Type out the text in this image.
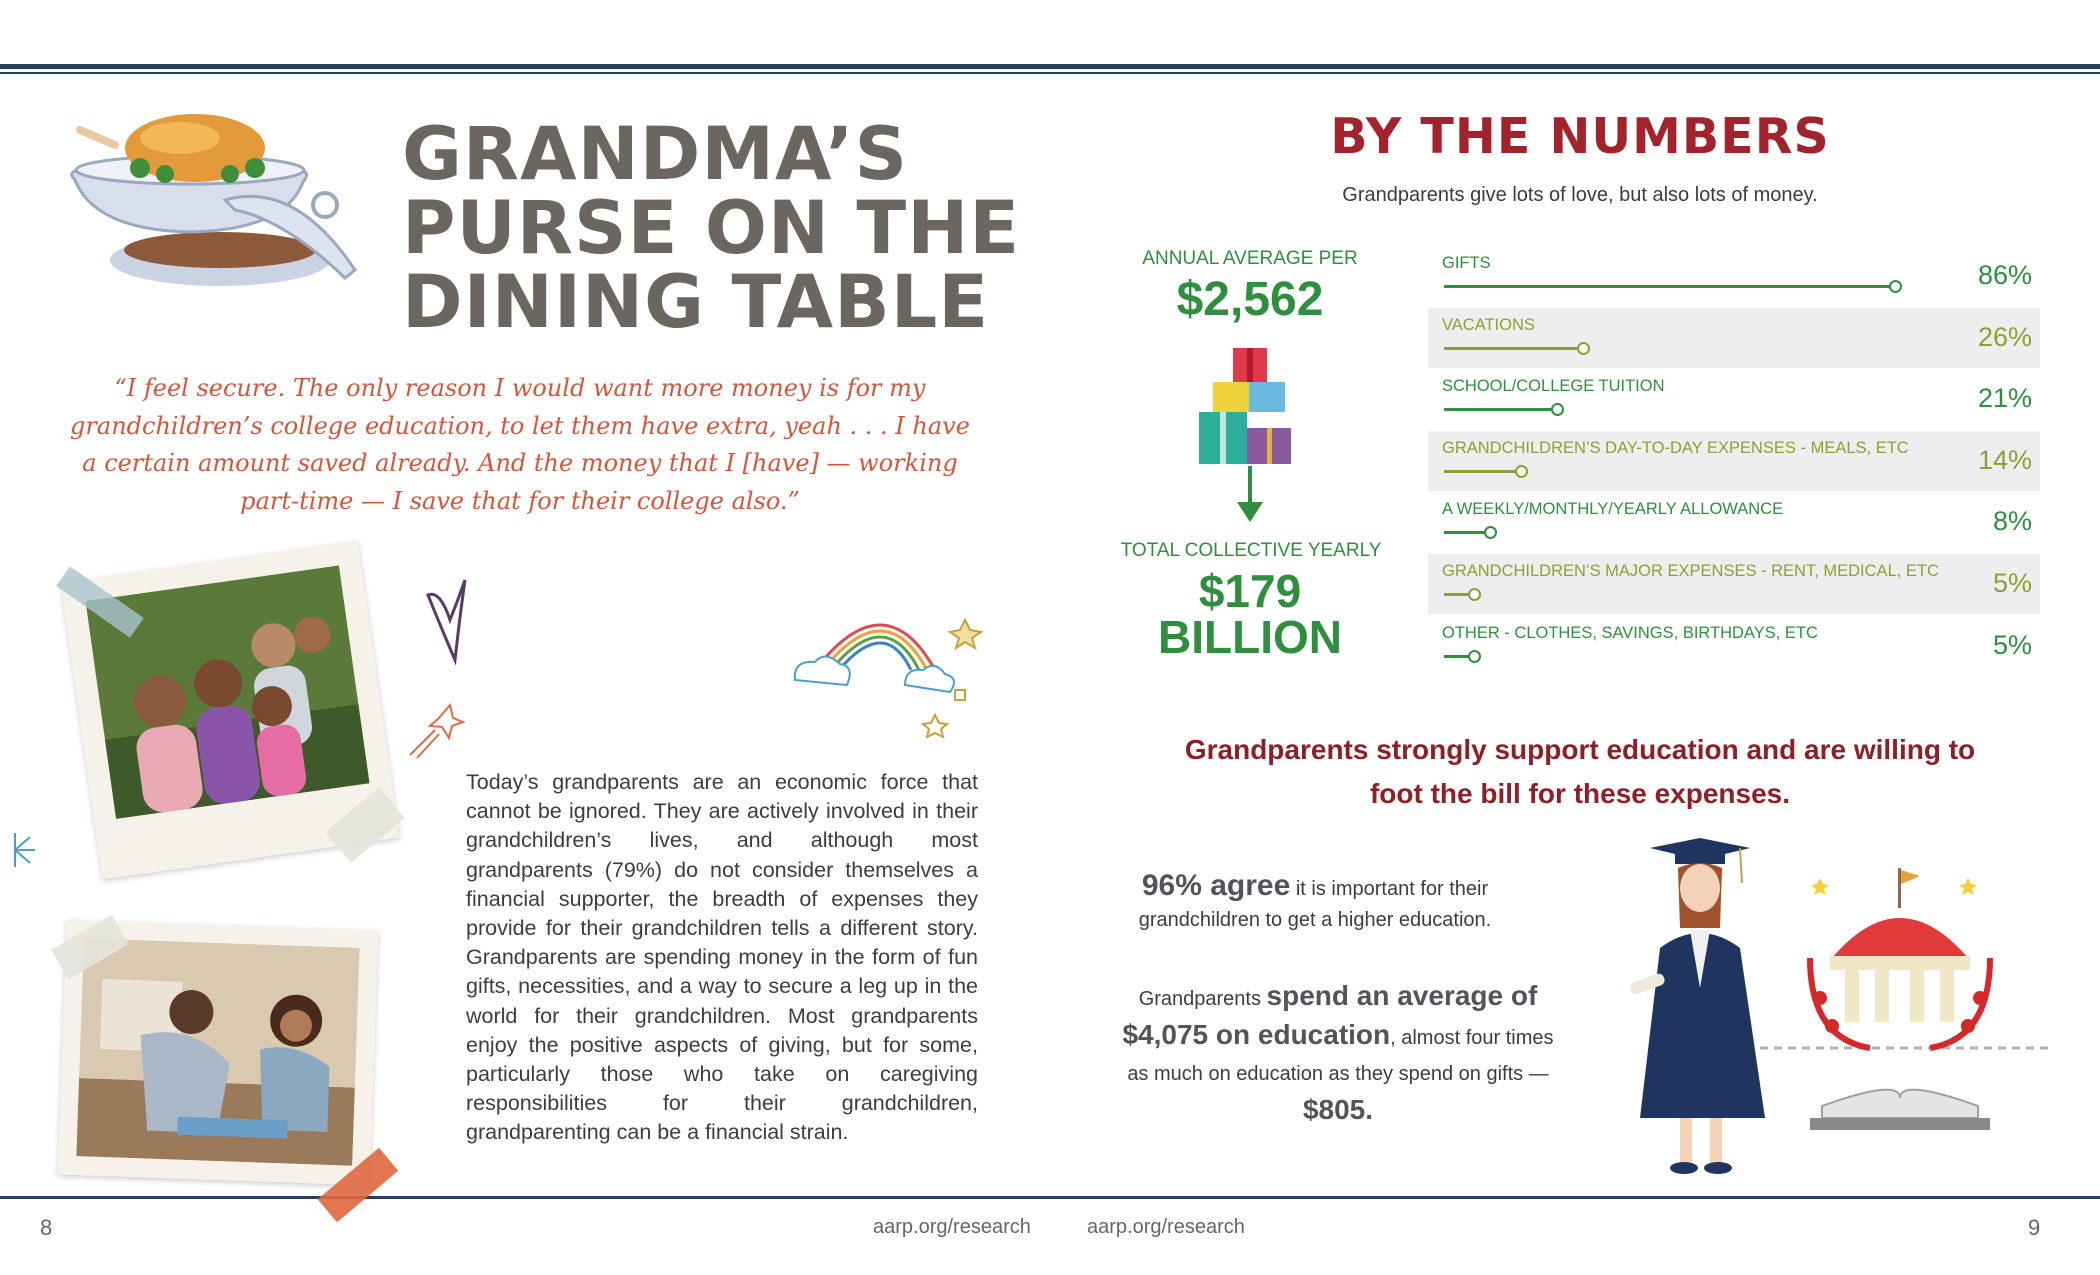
GRANDMA’S
PURSE ON THE
DINING TABLE
“I feel secure. The only reason I would want more money is for my grandchildren’s college education, to let them have extra, yeah . . . I have a certain amount saved already. And the money that I [have] — working part-time — I save that for their college also.”
Today’s grandparents are an economic force that cannot be ignored. They are actively involved in their grandchildren’s lives, and although most grandparents (79%) do not consider themselves a financial supporter, the breadth of expenses they provide for their grandchildren tells a different story. Grandparents are spending money in the form of fun gifts, necessities, and a way to secure a leg up in the world for their grandchildren. Most grandparents enjoy the positive aspects of giving, but for some, particularly those who take on caregiving responsibilities for their grandchildren, grandparenting can be a financial strain.
8	aarp.org/research
BY THE NUMBERS
Grandparents give lots of love, but also lots of money.
ANNUAL AVERAGE PER
$2,562
TOTAL COLLECTIVE YEARLY
$179
BILLION
GIFTS	86%
VACATIONS	26%
SCHOOL/COLLEGE TUITION	21%
GRANDCHILDREN’S DAY-TO-DAY EXPENSES - MEALS, ETC	14%
A WEEKLY/MONTHLY/YEARLY ALLOWANCE	8%
GRANDCHILDREN’S MAJOR EXPENSES - RENT, MEDICAL, ETC 5%
OTHER - CLOTHES, SAVINGS, BIRTHDAYS, ETC	5%
Grandparents strongly support education and are willing to foot the bill for these expenses.
96% agree it is important for their grandchildren to get a higher education.
Grandparents spend an average of
$4,075 on education, almost four times as much on education as they spend on gifts — $805.
9
aarp.org/research
